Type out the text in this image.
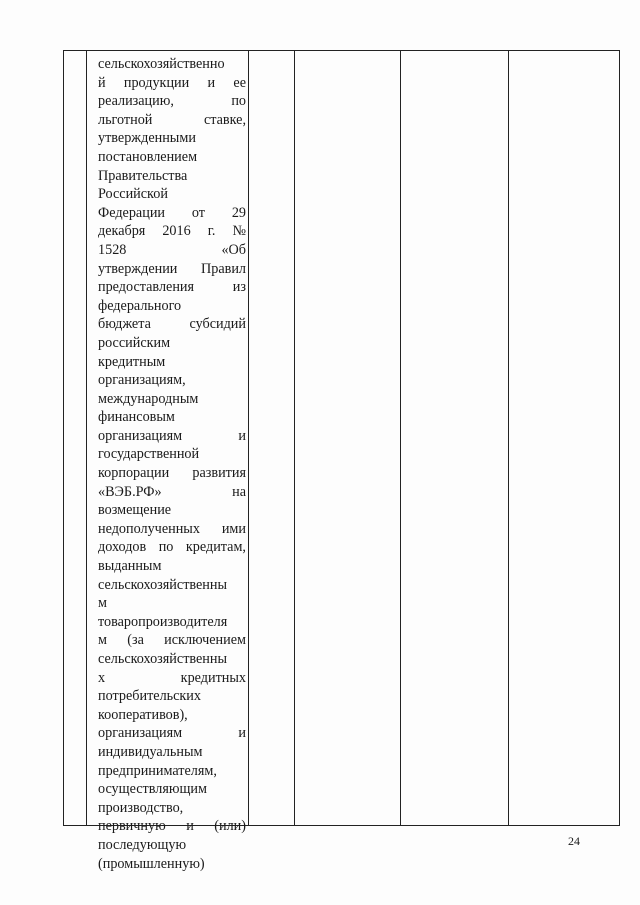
сельскохозяйственно
й продукции и ее
реализацию,	по
льготной	ставке,
утвержденными
постановлением
Правительства
Российской
Федерации от 29
декабря 2016 г. №
1528	«Об
утверждении Правил
предоставления	из
федерального
бюджета	субсидий
российским
кредитным
организациям,
международным
финансовым
организациям	и
государственной
корпорации развития
«ВЭБ.РФ»	на
возмещение
недополученных ими
доходов по кредитам,
выданным
сельскохозяйственны
м
товаропроизводителя
м (за исключением
сельскохозяйственны
х	кредитных
потребительских
кооперативов),
организациям	и
индивидуальным
предпринимателям,
осуществляющим
производство,
первичную и (или)
последующую
(промышленную)
24
